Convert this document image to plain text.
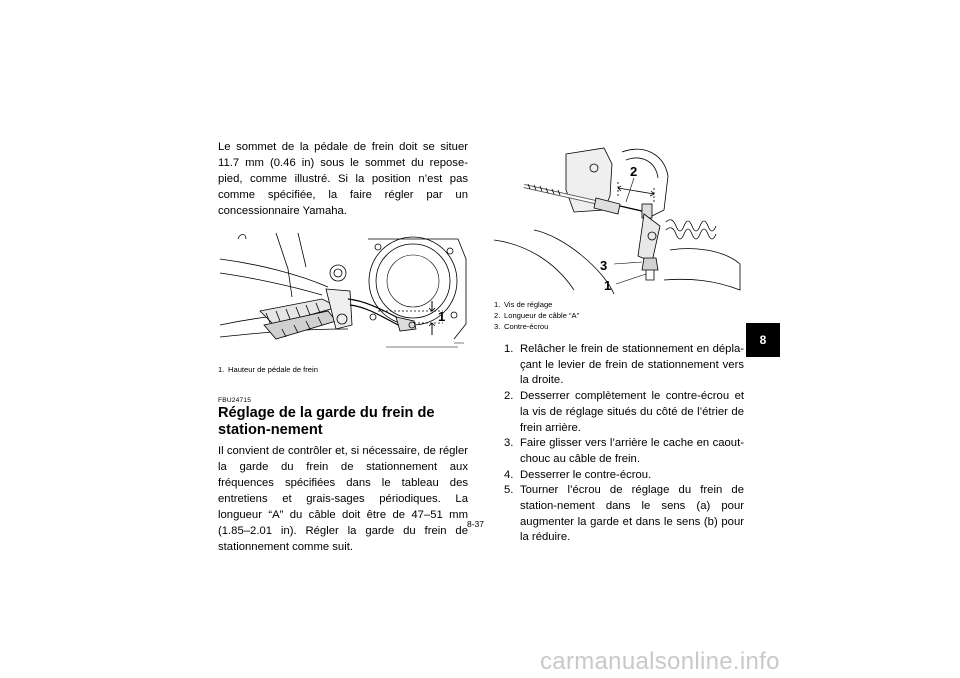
Le sommet de la pédale de frein doit se situer 11.7 mm (0.46 in) sous le sommet du repose-pied, comme illustré. Si la position n’est pas comme spécifiée, la faire régler par un concessionnaire Yamaha.

1
1. Hauteur de pédale de frein
FBU24715
Réglage de la garde du frein de station-nement

Il convient de contrôler et, si nécessaire, de régler la garde du frein de stationnement aux fréquences spécifiées dans le tableau des entretiens et grais-sages périodiques. La longueur “A” du câble doit être de 47–51 mm (1.85–2.01 in). Régler la garde du frein de stationnement comme suit.

2
3
1
1. Vis de réglage
2. Longueur de câble “A”
3. Contre-écrou
1. Relâcher le frein de stationnement en dépla-çant le levier de frein de stationnement vers la droite.
2. Desserrer complètement le contre-écrou et la vis de réglage situés du côté de l’étrier de frein arrière.
3. Faire glisser vers l’arrière le cache en caout-chouc au câble de frein.
4. Desserrer le contre-écrou.
5. Tourner l’écrou de réglage du frein de station-nement dans le sens (a) pour augmenter la garde et dans le sens (b) pour la réduire.
8-37
8
carmanualsonline.info
